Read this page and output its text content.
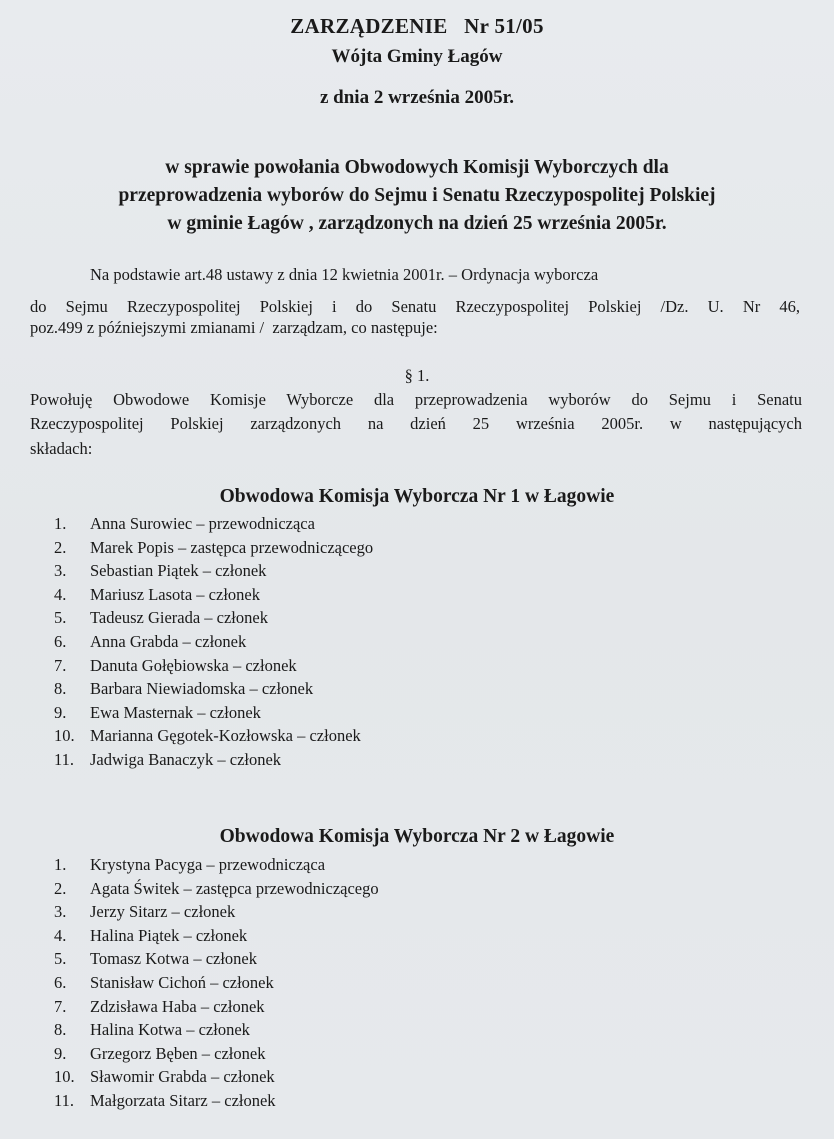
ZARZĄDZENIE   Nr 51/05
Wójta Gminy Łagów
z dnia 2 września 2005r.
w sprawie powołania Obwodowych Komisji Wyborczych dla
przeprowadzenia wyborów do Sejmu i Senatu Rzeczypospolitej Polskiej
w gminie Łagów , zarządzonych na dzień 25 września 2005r.
Na podstawie art.48 ustawy z dnia 12 kwietnia 2001r. – Ordynacja wyborcza
do Sejmu Rzeczypospolitej Polskiej i do Senatu Rzeczypospolitej Polskiej /Dz. U. Nr 46,
poz.499 z późniejszymi zmianami /  zarządzam, co następuje:
§ 1.
Powołuję Obwodowe Komisje Wyborcze dla przeprowadzenia wyborów do Sejmu i Senatu
Rzeczypospolitej Polskiej zarządzonych na dzień 25 września 2005r. w następujących
składach:
Obwodowa Komisja Wyborcza Nr 1 w Łagowie
1. Anna Surowiec – przewodnicząca
2. Marek Popis – zastępca przewodniczącego
3. Sebastian Piątek – członek
4. Mariusz Lasota – członek
5. Tadeusz Gierada – członek
6. Anna Grabda – członek
7. Danuta Gołębiowska – członek
8. Barbara Niewiadomska – członek
9. Ewa Masternak – członek
10. Marianna Gęgotek-Kozłowska – członek
11. Jadwiga Banaczyk – członek
Obwodowa Komisja Wyborcza Nr 2 w Łagowie
1. Krystyna Pacyga – przewodnicząca
2. Agata Świtek – zastępca przewodniczącego
3. Jerzy Sitarz – członek
4. Halina Piątek – członek
5. Tomasz Kotwa – członek
6. Stanisław Cichoń – członek
7. Zdzisława Haba – członek
8. Halina Kotwa – członek
9. Grzegorz Bęben – członek
10. Sławomir Grabda – członek
11. Małgorzata Sitarz – członek
